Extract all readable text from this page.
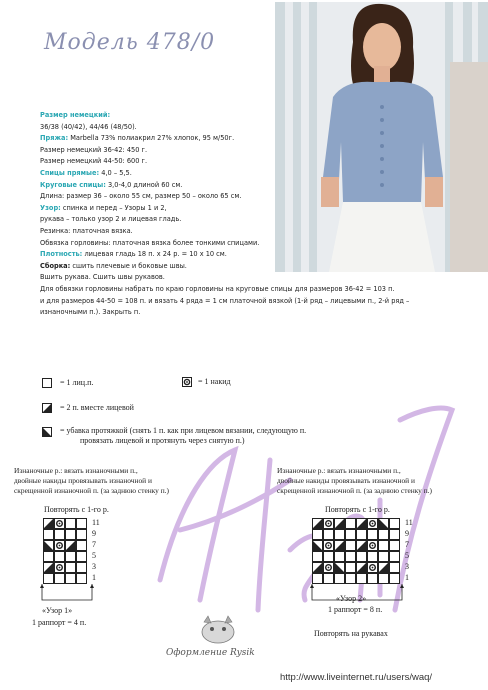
Модель 478/0
Размер немецкий:
36/38 (40/42), 44/46 (48/50).
Пряжа: Marbella 73% полиакрил 27% хлопок, 95 м/50г.
Размер немецкий 36-42: 450 г.
Размер немецкий 44-50: 600 г.
Спицы прямые: 4,0 – 5,5.
Круговые спицы: 3,0-4,0 длиной 60 см.
Длина: размер 36 – около 55 см, размер 50 – около 65 см.
Узор: спинка и перед – Узоры 1 и 2,
рукава – только узор 2 и лицевая гладь.
Резинка: платочная вязка.
Обвязка горловины: платочная вязка более тонкими спицами.
Плотность: лицевая гладь 18 п. х 24 р. = 10 х 10 см.
Сборка: сшить плечевые и боковые швы.
Вшить рукава. Сшить швы рукавов.
Для обвязки горловины набрать по краю горловины на круговые спицы для размеров 36-42 = 103 п.
и для размеров 44-50 = 108 п. и вязать 4 ряда = 1 см платочной вязкой (1-й ряд – лицевыми п., 2-й ряд –
изнаночными п.). Закрыть п.
= 1 лиц.п.	= 1 накид
= 2 п. вместе лицевой
= убавка протяжкой (снять 1 п. как при лицевом вязании, следующую п.
провязать лицевой и протянуть через снятую п.)
Изнаночные р.: вязать изнаночными п.,
двойные накиды провязывать изнаночной и
скрещенной изнаночной п. (за заднюю стенку п.)
Повторять с 1-го р.
11
9
7
5
3
1
«Узор 1»
1 раппорт = 4 п.
Изнаночные р.: вязать изнаночными п.,
двойные накиды провязывать изнаночной и
скрещенной изнаночной п. (за заднюю стенку п.)
Повторять с 1-го р.
11
9
7
5
3
1
«Узор 2»
1 раппорт = 8 п.
Повторять на рукавах
Оформление Rysik
http://www.liveinternet.ru/users/waq/
